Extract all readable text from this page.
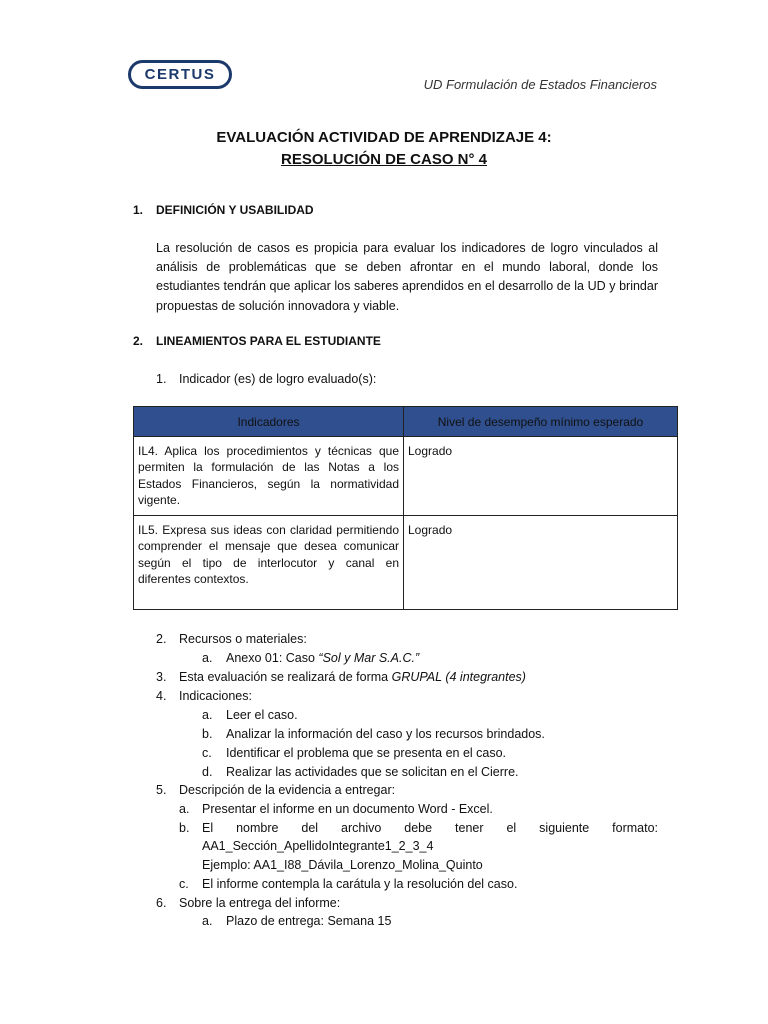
CERTUS
UD Formulación de Estados Financieros
EVALUACIÓN ACTIVIDAD DE APRENDIZAJE 4:
RESOLUCIÓN DE CASO N° 4
1. DEFINICIÓN Y USABILIDAD
La resolución de casos es propicia para evaluar los indicadores de logro vinculados al análisis de problemáticas que se deben afrontar en el mundo laboral, donde los estudiantes tendrán que aplicar los saberes aprendidos en el desarrollo de la UD y brindar propuestas de solución innovadora y viable.
2. LINEAMIENTOS PARA EL ESTUDIANTE
1. Indicador (es) de logro evaluado(s):
Indicadores	Nivel de desempeño mínimo esperado
IL4. Aplica los procedimientos y técnicas que permiten la formulación de las Notas a los Estados Financieros, según la normatividad vigente.	Logrado
IL5. Expresa sus ideas con claridad permitiendo comprender el mensaje que desea comunicar según el tipo de interlocutor y canal en diferentes contextos.	Logrado
2. Recursos o materiales:
a. Anexo 01: Caso “Sol y Mar S.A.C.”
3. Esta evaluación se realizará de forma GRUPAL (4 integrantes)
4. Indicaciones:
a. Leer el caso.
b. Analizar la información del caso y los recursos brindados.
c. Identificar el problema que se presenta en el caso.
d. Realizar las actividades que se solicitan en el Cierre.
5. Descripción de la evidencia a entregar:
a. Presentar el informe en un documento Word - Excel.
b. El nombre del archivo debe tener el siguiente formato:
AA1_Sección_ApellidoIntegrante1_2_3_4
Ejemplo: AA1_I88_Dávila_Lorenzo_Molina_Quinto
c. El informe contempla la carátula y la resolución del caso.
6. Sobre la entrega del informe:
a. Plazo de entrega: Semana 15
